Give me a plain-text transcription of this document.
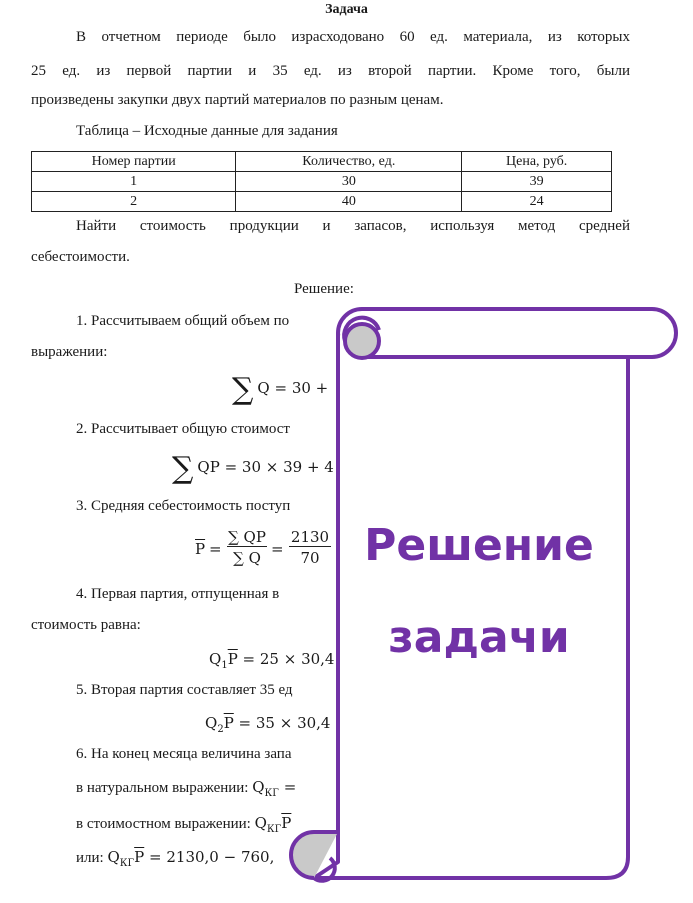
Задача
В отчетном периоде было израсходовано 60 ед. материала, из которых
25 ед. из первой партии и 35 ед. из второй партии. Кроме того, были
произведены закупки двух партий материалов по разным ценам.
Таблица – Исходные данные для задания
Номер партии	Количество, ед.	Цена, руб.
1	30	39
2	40	24
Найти стоимость продукции и запасов, используя метод средней
себестоимости.
Решение:
1. Рассчитываем общий объем по
выражении:
∑ Q = 30 +
2. Рассчитывает общую стоимост
∑ QP = 30 × 39 + 4
3. Средняя себестоимость поступ
$\overline{P}$ =
∑ QP
∑ Q =
2130
70
4. Первая партия, отпущенная в
стоимость равна:
$Q_1\overline{P} = 25 \times 30,4$
5. Вторая партия составляет 35 ед
$Q_2\overline{P} = 35 \times 30,4$
6. На конец месяца величина запа
в натуральном выражении: $Q_{КГ}$ =
в стоимостном выражении: $Q_{КГ}\overline{P}$
или: $Q_{КГ}\overline{P} = 2130,0 - 760$,
Решение
задачи
